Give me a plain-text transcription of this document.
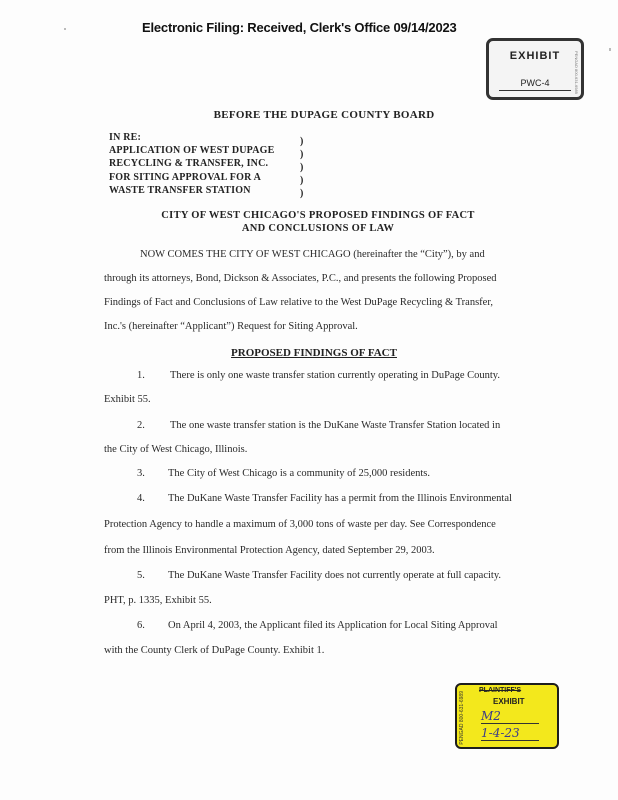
Electronic Filing: Received, Clerk's Office 09/14/2023
EXHIBIT
PWC-4	PENGAD 800-631-6989
BEFORE THE DUPAGE COUNTY BOARD
IN RE:
APPLICATION OF WEST DUPAGE
RECYCLING & TRANSFER, INC.
FOR SITING APPROVAL FOR A
WASTE TRANSFER STATION
)
)
)
)
)
CITY OF WEST CHICAGO'S PROPOSED FINDINGS OF FACT
AND CONCLUSIONS OF LAW
NOW COMES THE CITY OF WEST CHICAGO (hereinafter the “City”), by and
through its attorneys, Bond, Dickson & Associates, P.C., and presents the following Proposed
Findings of Fact and Conclusions of Law relative to the West DuPage Recycling & Transfer,
Inc.'s (hereinafter “Applicant”) Request for Siting Approval.
PROPOSED FINDINGS OF FACT
1. There is only one waste transfer station currently operating in DuPage County.
Exhibit 55.
2. The one waste transfer station is the DuKane Waste Transfer Station located in
the City of West Chicago, Illinois.
3. The City of West Chicago is a community of 25,000 residents.
4. The DuKane Waste Transfer Facility has a permit from the Illinois Environmental
Protection Agency to handle a maximum of 3,000 tons of waste per day. See Correspondence
from the Illinois Environmental Protection Agency, dated September 29, 2003.
5. The DuKane Waste Transfer Facility does not currently operate at full capacity.
PHT, p. 1335, Exhibit 55.
6. On April 4, 2003, the Applicant filed its Application for Local Siting Approval
with the County Clerk of DuPage County. Exhibit 1.
PENGAD 800-631-6989
PLAINTIFF'S
EXHIBIT
M2
1-4-23
